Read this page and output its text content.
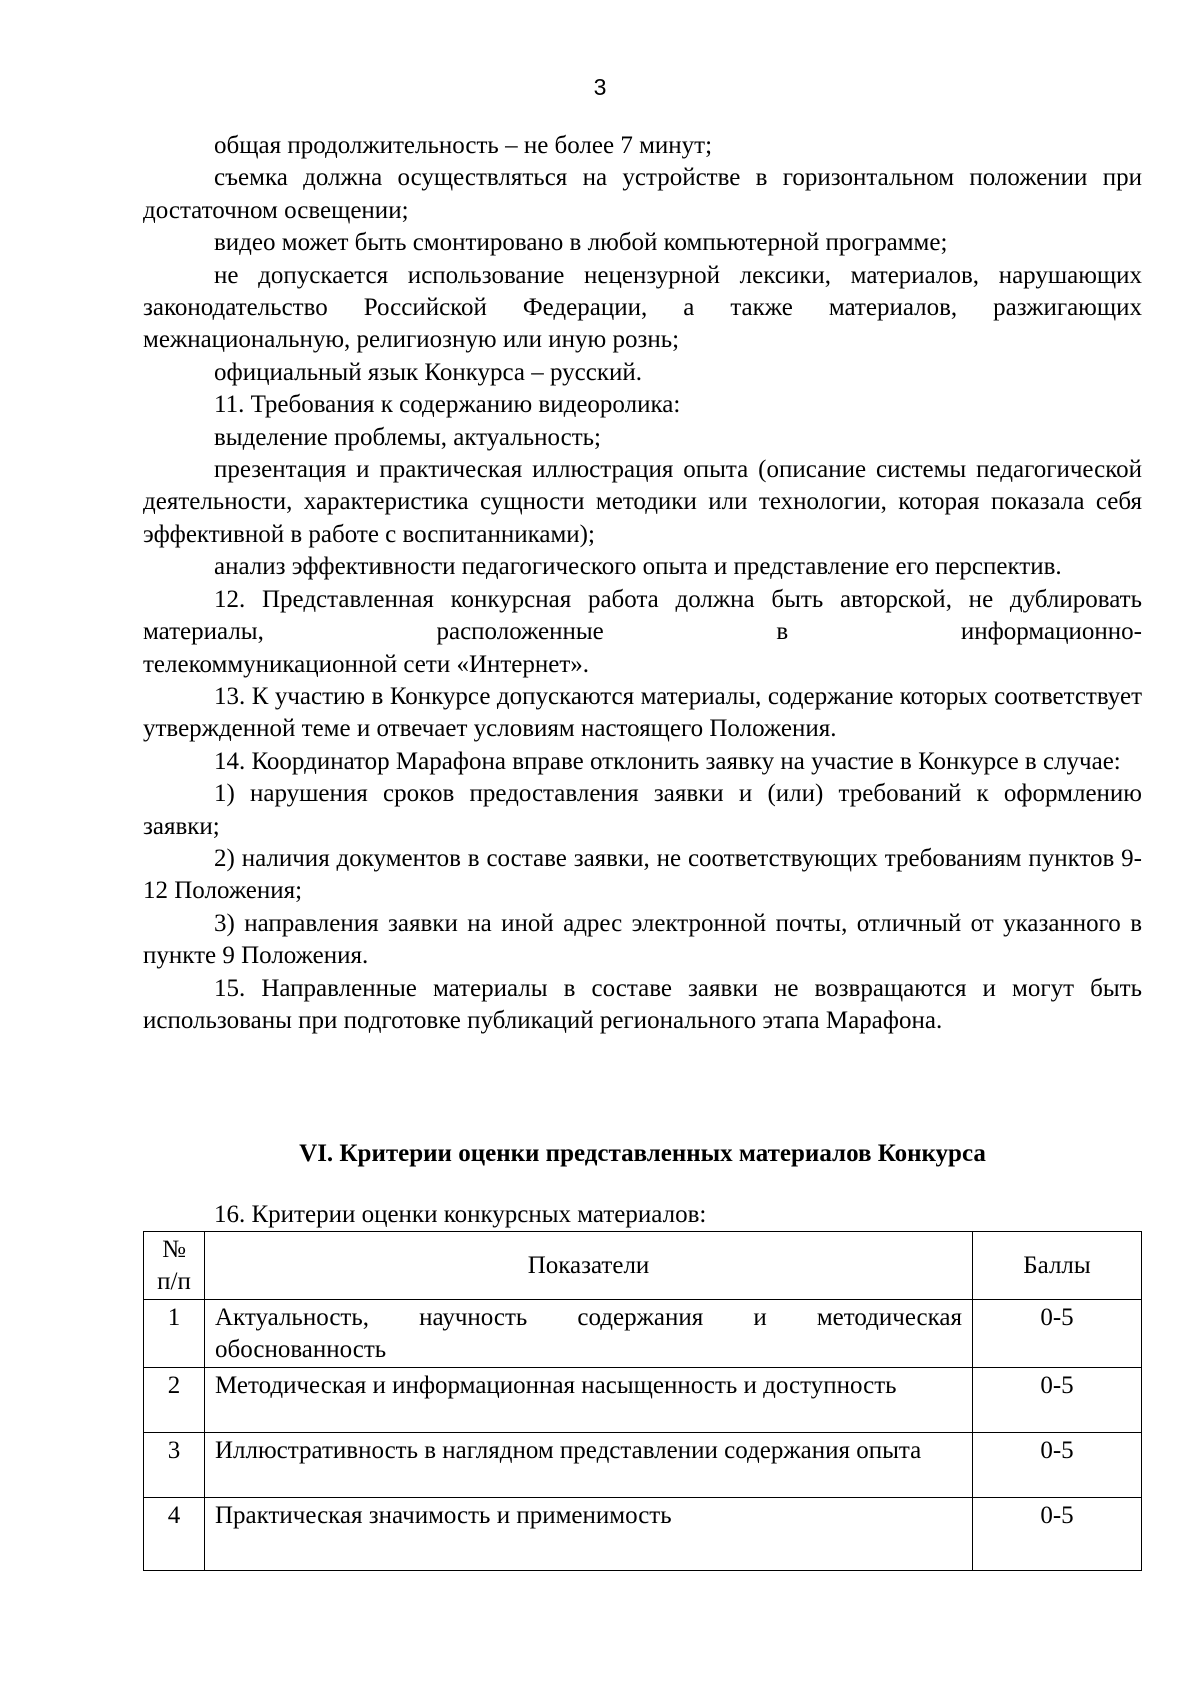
3
общая продолжительность – не более 7 минут;
съемка должна осуществляться на устройстве в горизонтальном положении при достаточном освещении;
видео может быть смонтировано в любой компьютерной программе;
не допускается использование нецензурной лексики, материалов, нарушающих законодательство Российской Федерации, а также материалов, разжигающих межнациональную, религиозную или иную рознь;
официальный язык Конкурса – русский.
11. Требования к содержанию видеоролика:
выделение проблемы, актуальность;
презентация и практическая иллюстрация опыта (описание системы педагогической деятельности, характеристика сущности методики или технологии, которая показала себя эффективной в работе с воспитанниками);
анализ эффективности педагогического опыта и представление его перспектив.
12. Представленная конкурсная работа должна быть авторской, не дублировать материалы, расположенные в информационно-
телекоммуникационной сети «Интернет».
13. К участию в Конкурсе допускаются материалы, содержание которых соответствует утвержденной теме и отвечает условиям настоящего Положения.
14. Координатор Марафона вправе отклонить заявку на участие в Конкурсе в случае:
1) нарушения сроков предоставления заявки и (или) требований к оформлению заявки;
2) наличия документов в составе заявки, не соответствующих требованиям пунктов 9-12 Положения;
3) направления заявки на иной адрес электронной почты, отличный от указанного в пункте 9 Положения.
15. Направленные материалы в составе заявки не возвращаются и могут быть использованы при подготовке публикаций регионального этапа Марафона.
VI. Критерии оценки представленных материалов Конкурса
16. Критерии оценки конкурсных материалов:
№
п/п	Показатели	Баллы
1	Актуальность, научность содержания и методическая обоснованность	0-5
2	Методическая и информационная насыщенность и доступность	0-5
3	Иллюстративность в наглядном представлении содержания опыта	0-5
4	Практическая значимость и применимость	0-5
